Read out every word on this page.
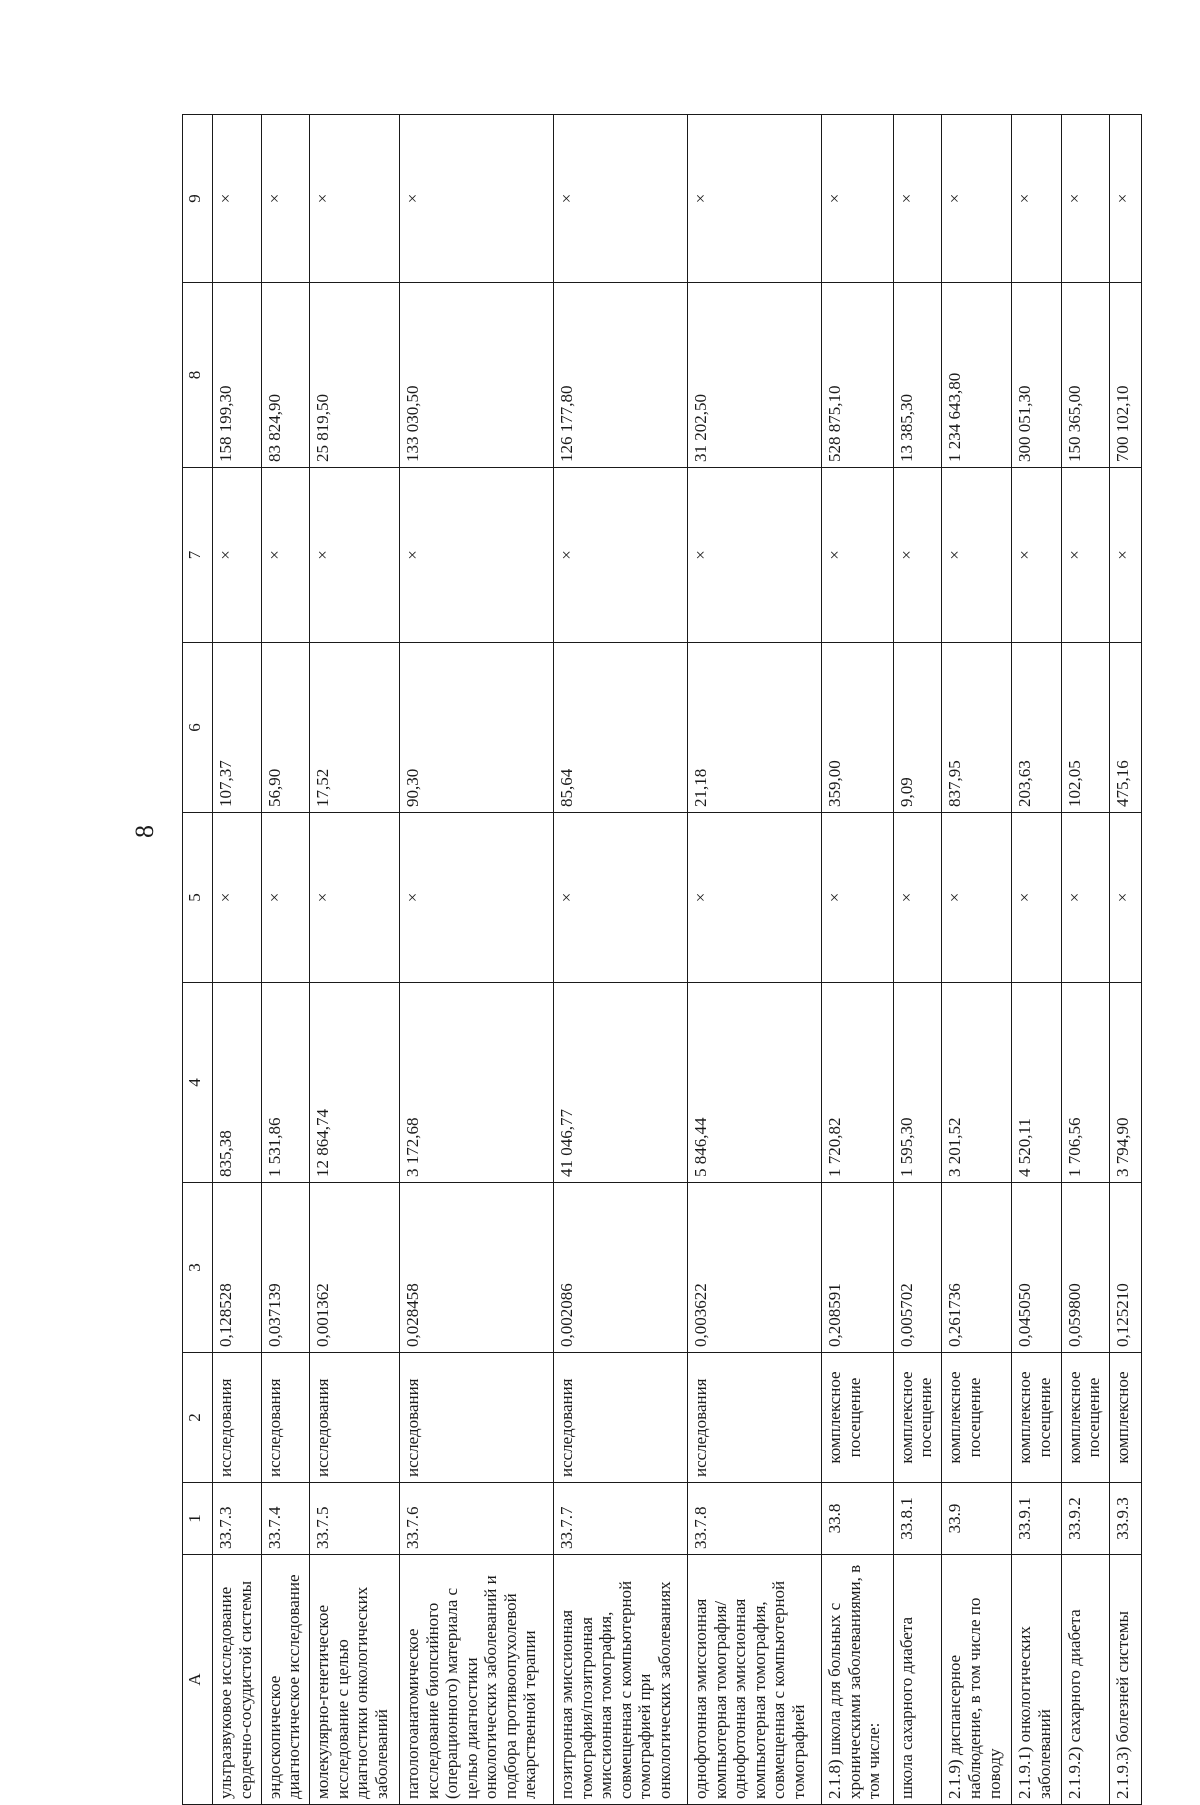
8
А	1	2	3	4	5	6	7	8	9
ультразвуковое исследование сердечно-сосудистой системы	33.7.3	исследования	0,128528	835,38	×	107,37	×	158 199,30	×
эндоскопическое диагностическое исследование	33.7.4	исследования	0,037139	1 531,86	×	56,90	×	83 824,90	×
молекулярно-генетическое исследование с целью диагностики онкологических заболеваний	33.7.5	исследования	0,001362	12 864,74	×	17,52	×	25 819,50	×
патологоанатомическое исследование биопсийного (операционного) материала с целью диагностики онкологических заболеваний и подбора противоопухолевой лекарственной терапии	33.7.6	исследования	0,028458	3 172,68	×	90,30	×	133 030,50	×
позитронная эмиссионная томография/позитронная эмиссионная томография, совмещенная с компьютерной томографией при онкологических заболеваниях	33.7.7	исследования	0,002086	41 046,77	×	85,64	×	126 177,80	×
однофотонная эмиссионная компьютерная томография/ однофотонная эмиссионная компьютерная томография, совмещенная с компьютерной томографией	33.7.8	исследования	0,003622	5 846,44	×	21,18	×	31 202,50	×
2.1.8) школа для больных с хроническими заболеваниями, в том числе:	33.8	комплексное посещение	0,208591	1 720,82	×	359,00	×	528 875,10	×
школа сахарного диабета	33.8.1	комплексное посещение	0,005702	1 595,30	×	9,09	×	13 385,30	×
2.1.9) диспансерное наблюдение, в том числе по поводу	33.9	комплексное посещение	0,261736	3 201,52	×	837,95	×	1 234 643,80	×
2.1.9.1) онкологических заболеваний	33.9.1	комплексное посещение	0,045050	4 520,11	×	203,63	×	300 051,30	×
2.1.9.2) сахарного диабета	33.9.2	комплексное посещение	0,059800	1 706,56	×	102,05	×	150 365,00	×
2.1.9.3) болезней системы	33.9.3	комплексное	0,125210	3 794,90	×	475,16	×	700 102,10	×
